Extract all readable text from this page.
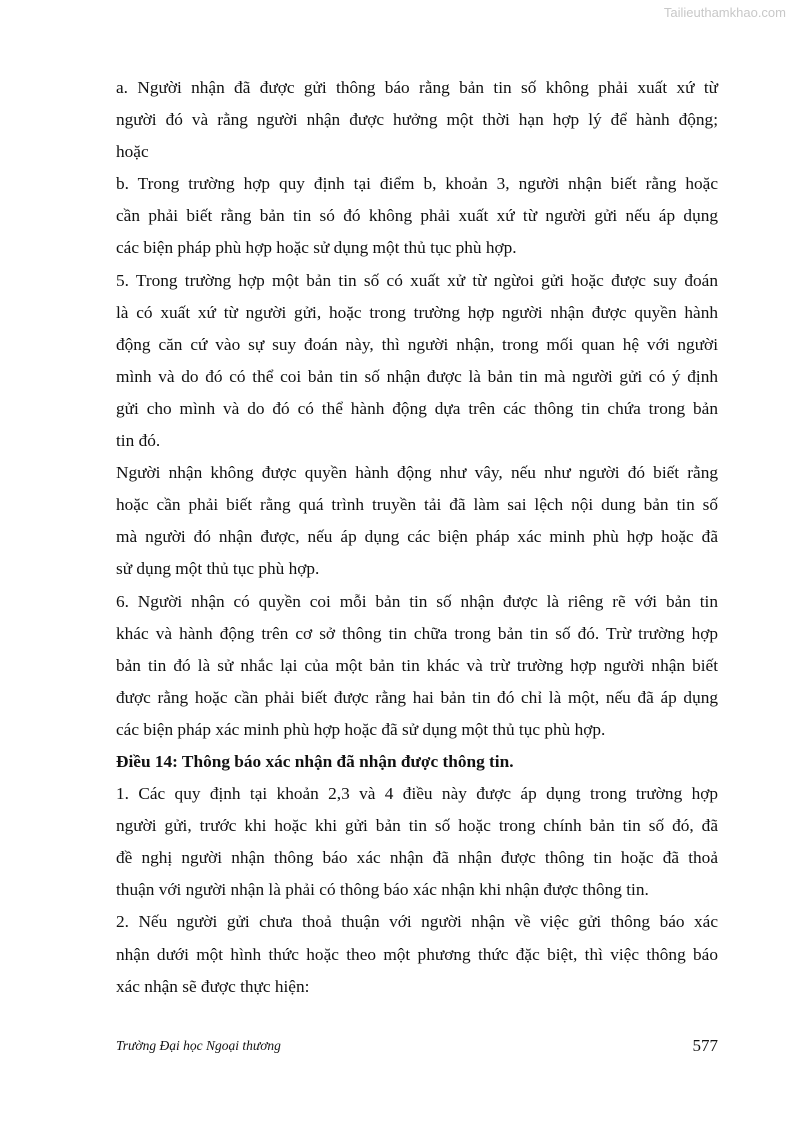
Tailieuthamkhao.com
a. Người nhận đã được gửi thông báo rằng bản tin số không phải xuất xứ từ
người đó và rằng người nhận được hưởng một thời hạn hợp lý để hành động;
hoặc
b. Trong trường hợp quy định tại điểm b, khoản 3, người nhận biết rằng hoặc
cần phải biết rằng bản tin só đó không phải xuất xứ từ người gửi nếu áp dụng
các biện pháp phù hợp hoặc sử dụng một thủ tục phù hợp.
5. Trong trường hợp một bản tin số có xuất xử từ ngừoi gửi hoặc được suy đoán
là có xuất xứ từ người gửi, hoặc trong trường hợp người nhận được quyền hành
động căn cứ vào sự suy đoán này, thì người nhận, trong mối quan hệ với người
mình và do đó có thể coi bản tin số nhận được là bản tin mà người gửi có ý định
gửi cho mình và do đó có thể hành động dựa trên các thông tin chứa trong bản
tin đó.
Người nhận không được quyền hành động như vây, nếu như người đó biết rằng
hoặc cần phải biết rằng quá trình truyền tải đã làm sai lệch nội dung bản tin số
mà người đó nhận được, nếu áp dụng các biện pháp xác minh phù hợp hoặc đã
sử dụng một thủ tục phù hợp.
6. Người nhận có quyền coi mỗi bản tin số nhận được là riêng rẽ với bản tin
khác và hành động trên cơ sở thông tin chữa trong bản tin số đó. Trừ trường hợp
bản tin đó là sử nhắc lại của một bản tin khác và trừ trường hợp người nhận biết
được rằng hoặc cần phải biết được rằng hai bản tin đó chỉ là một, nếu đã áp dụng
các biện pháp xác minh phù hợp hoặc đã sử dụng một thủ tục phù hợp.
Điều 14: Thông báo xác nhận đã nhận được thông tin.
1. Các quy định tại khoản 2,3 và 4 điều này được áp dụng trong trường hợp
người gửi, trước khi hoặc khi gửi bản tin số hoặc trong chính bản tin số đó, đã
đề nghị người nhận thông báo xác nhận đã nhận được thông tin hoặc đã thoả
thuận với người nhận là phải có thông báo xác nhận khi nhận được thông tin.
2. Nếu người gửi chưa thoả thuận với người nhận về việc gửi thông báo xác
nhận dưới một hình thức hoặc theo một phương thức đặc biệt, thì việc thông báo
xác nhận sẽ được thực hiện:
Trường Đại học Ngoại thương	577
